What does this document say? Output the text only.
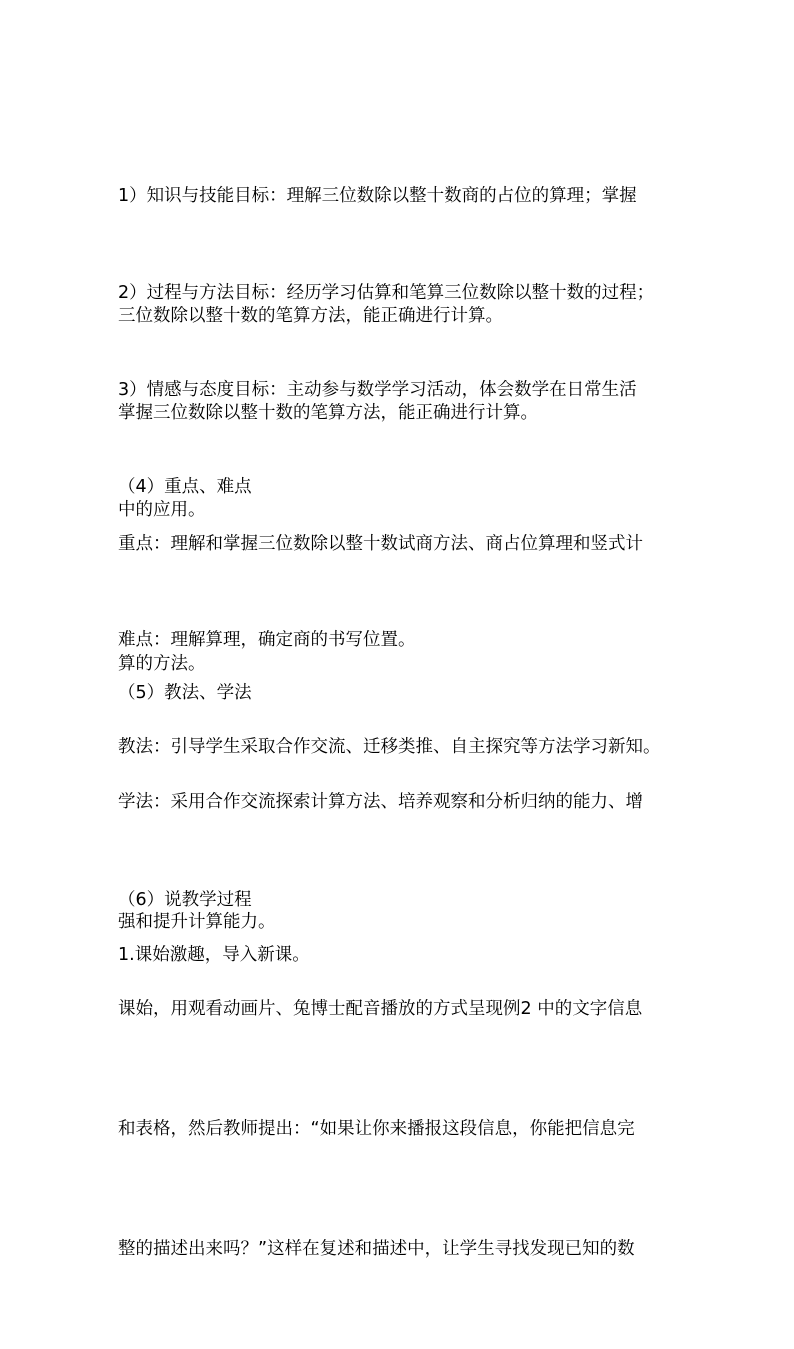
1）知识与技能目标：理解三位数除以整十数商的占位的算理；掌握

三位数除以整十数的笔算方法，能正确进行计算。

2）过程与方法目标：经历学习估算和笔算三位数除以整十数的过程；

掌握三位数除以整十数的笔算方法，能正确进行计算。

3）情感与态度目标：主动参与数学学习活动，体会数学在日常生活

中的应用。

（4）重点、难点

重点：理解和掌握三位数除以整十数试商方法、商占位算理和竖式计

算的方法。

难点：理解算理，确定商的书写位置。

（5）教法、学法

教法：引导学生采取合作交流、迁移类推、自主探究等方法学习新知。

学法：采用合作交流探索计算方法、培养观察和分析归纳的能力、增

强和提升计算能力。

（6）说教学过程

1.课始激趣，导入新课。

课始，用观看动画片、兔博士配音播放的方式呈现例2 中的文字信息

和表格，然后教师提出：“如果让你来播报这段信息，你能把信息完

整的描述出来吗？”这样在复述和描述中，让学生寻找发现已知的数
